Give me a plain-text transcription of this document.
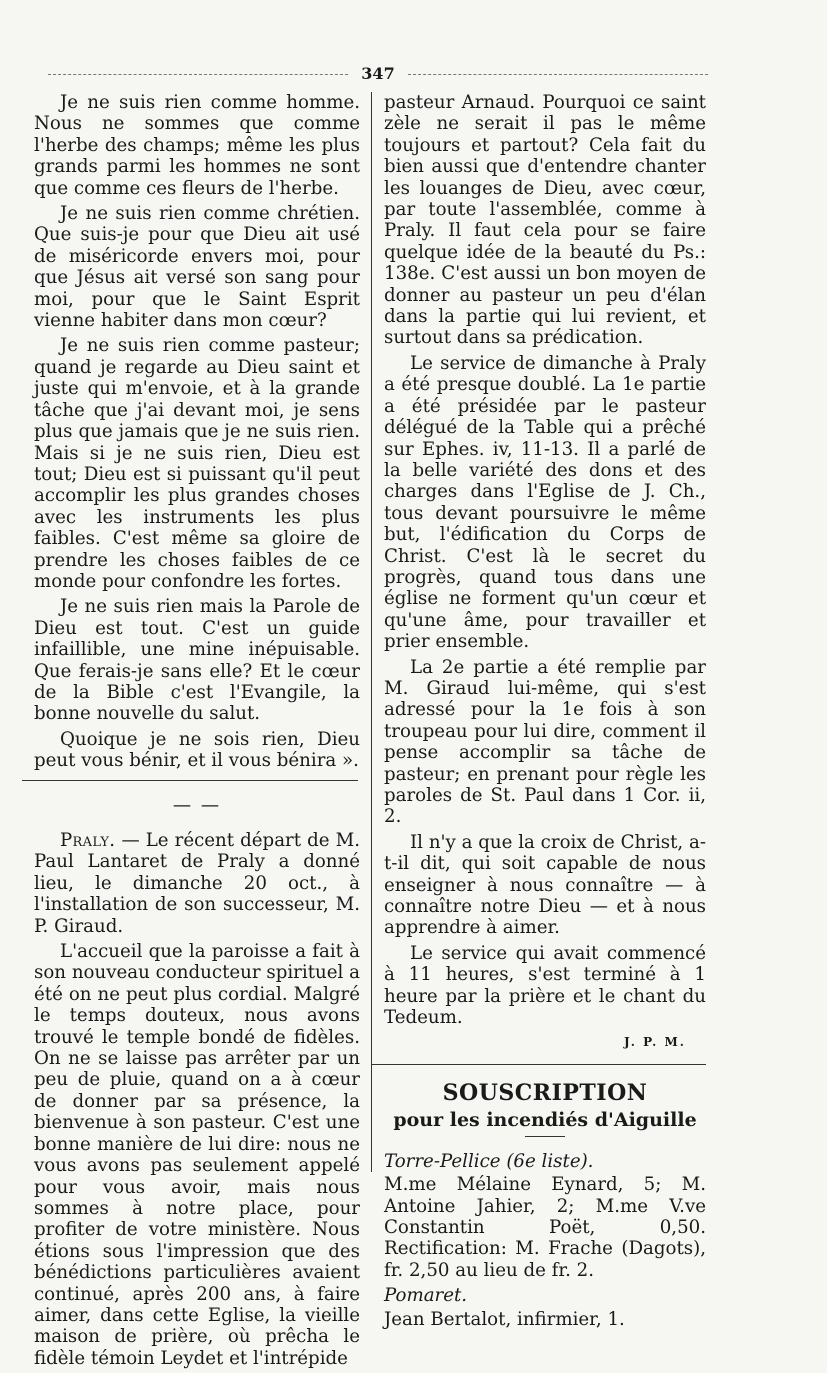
347

Je ne suis rien comme homme. Nous ne sommes que comme l'herbe des champs; même les plus grands parmi les hommes ne sont que comme ces fleurs de l'herbe.

Je ne suis rien comme chrétien. Que suis-je pour que Dieu ait usé de miséricorde envers moi, pour que Jésus ait versé son sang pour moi, pour que le Saint Esprit vienne habiter dans mon cœur?

Je ne suis rien comme pasteur; quand je regarde au Dieu saint et juste qui m'envoie, et à la grande tâche que j'ai devant moi, je sens plus que jamais que je ne suis rien. Mais si je ne suis rien, Dieu est tout; Dieu est si puissant qu'il peut accomplir les plus grandes choses avec les instruments les plus faibles. C'est même sa gloire de prendre les choses faibles de ce monde pour confondre les fortes.

Je ne suis rien mais la Parole de Dieu est tout. C'est un guide infaillible, une mine inépuisable. Que ferais-je sans elle? Et le cœur de la Bible c'est l'Evangile, la bonne nouvelle du salut.

Quoique je ne sois rien, Dieu peut vous bénir, et il vous bénira ».

— —

Praly. — Le récent départ de M. Paul Lantaret de Praly a donné lieu, le dimanche 20 oct., à l'installation de son successeur, M. P. Giraud.

L'accueil que la paroisse a fait à son nouveau conducteur spirituel a été on ne peut plus cordial. Malgré le temps douteux, nous avons trouvé le temple bondé de fidèles. On ne se laisse pas arrêter par un peu de pluie, quand on a à cœur de donner par sa présence, la bienvenue à son pasteur. C'est une bonne manière de lui dire: nous ne vous avons pas seulement appelé pour vous avoir, mais nous sommes à notre place, pour profiter de votre ministère. Nous étions sous l'impression que des bénédictions particulières avaient continué, après 200 ans, à faire aimer, dans cette Eglise, la vieille maison de prière, où prêcha le fidèle témoin Leydet et l'intrépide

pasteur Arnaud. Pourquoi ce saint zèle ne serait il pas le même toujours et partout? Cela fait du bien aussi que d'entendre chanter les louanges de Dieu, avec cœur, par toute l'assemblée, comme à Praly. Il faut cela pour se faire quelque idée de la beauté du Ps.: 138e. C'est aussi un bon moyen de donner au pasteur un peu d'élan dans la partie qui lui revient, et surtout dans sa prédication.

Le service de dimanche à Praly a été presque doublé. La 1e partie a été présidée par le pasteur délégué de la Table qui a prêché sur Ephes. iv, 11-13. Il a parlé de la belle variété des dons et des charges dans l'Eglise de J. Ch., tous devant poursuivre le même but, l'édification du Corps de Christ. C'est là le secret du progrès, quand tous dans une église ne forment qu'un cœur et qu'une âme, pour travailler et prier ensemble.

La 2e partie a été remplie par M. Giraud lui-même, qui s'est adressé pour la 1e fois à son troupeau pour lui dire, comment il pense accomplir sa tâche de pasteur; en prenant pour règle les paroles de St. Paul dans 1 Cor. ii, 2.

Il n'y a que la croix de Christ, a-t-il dit, qui soit capable de nous enseigner à nous connaître — à connaître notre Dieu — et à nous apprendre à aimer.

Le service qui avait commencé à 11 heures, s'est terminé à 1 heure par la prière et le chant du Tedeum.

J. P. M.
SOUSCRIPTION
pour les incendiés d'Aiguille

Torre-Pellice (6e liste).

M.me Mélaine Eynard, 5; M. Antoine Jahier, 2; M.me V.ve Constantin Poët, 0,50. Rectification: M. Frache (Dagots), fr. 2,50 au lieu de fr. 2.

Pomaret.

Jean Bertalot, infirmier, 1.
